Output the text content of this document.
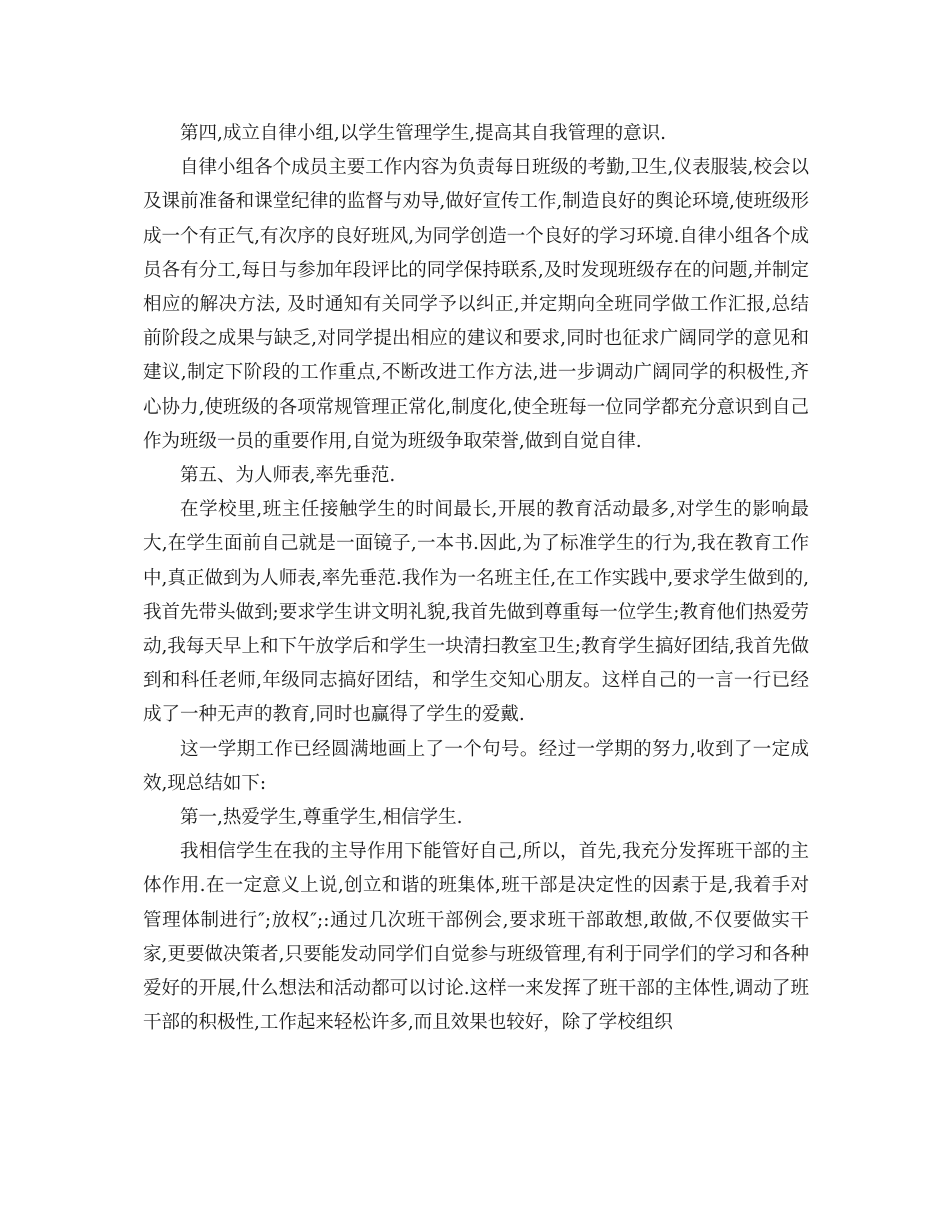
第四,成立自律小组,以学生管理学生,提高其自我管理的意识.

自律小组各个成员主要工作内容为负责每日班级的考勤,卫生,仪表服装,校会以及课前准备和课堂纪律的监督与劝导,做好宣传工作,制造良好的舆论环境,使班级形成一个有正气,有次序的良好班风,为同学创造一个良好的学习环境.自律小组各个成员各有分工,每日与参加年段评比的同学保持联系,及时发现班级存在的问题,并制定相应的解决方法, 及时通知有关同学予以纠正,并定期向全班同学做工作汇报,总结前阶段之成果与缺乏,对同学提出相应的建议和要求,同时也征求广阔同学的意见和建议,制定下阶段的工作重点,不断改进工作方法,进一步调动广阔同学的积极性,齐心协力,使班级的各项常规管理正常化,制度化,使全班每一位同学都充分意识到自己作为班级一员的重要作用,自觉为班级争取荣誉,做到自觉自律.

第五、为人师表,率先垂范.

在学校里,班主任接触学生的时间最长,开展的教育活动最多,对学生的影响最大,在学生面前自己就是一面镜子,一本书.因此,为了标准学生的行为,我在教育工作中,真正做到为人师表,率先垂范.我作为一名班主任,在工作实践中,要求学生做到的,我首先带头做到;要求学生讲文明礼貌,我首先做到尊重每一位学生;教育他们热爱劳动,我每天早上和下午放学后和学生一块清扫教室卫生;教育学生搞好团结,我首先做到和科任老师,年级同志搞好团结，和学生交知心朋友。这样自己的一言一行已经成了一种无声的教育,同时也赢得了学生的爱戴.

这一学期工作已经圆满地画上了一个句号。经过一学期的努力,收到了一定成效,现总结如下:

第一,热爱学生,尊重学生,相信学生.

我相信学生在我的主导作用下能管好自己,所以，首先,我充分发挥班干部的主体作用.在一定意义上说,创立和谐的班集体,班干部是决定性的因素于是,我着手对管理体制进行″;放权″;:通过几次班干部例会,要求班干部敢想,敢做,不仅要做实干家,更要做决策者,只要能发动同学们自觉参与班级管理,有利于同学们的学习和各种爱好的开展,什么想法和活动都可以讨论.这样一来发挥了班干部的主体性,调动了班干部的积极性,工作起来轻松许多,而且效果也较好，除了学校组织
